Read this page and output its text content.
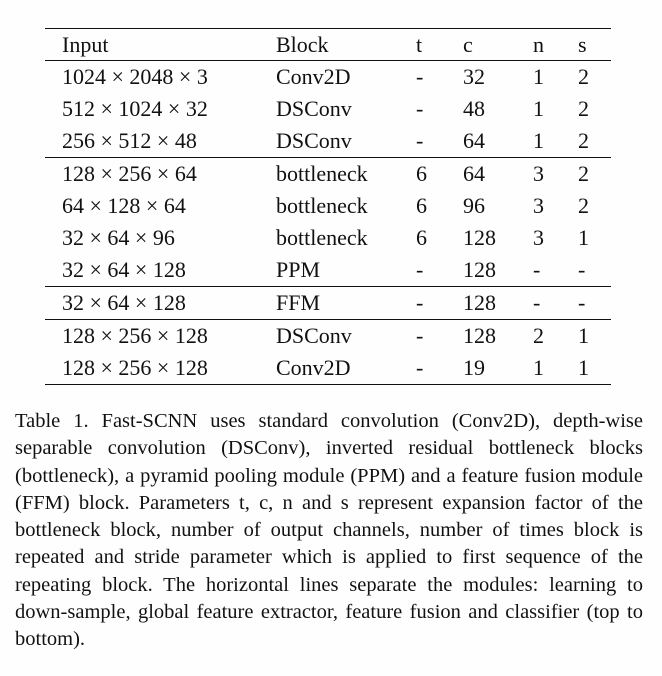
Input	Block	t	c	n	s
1024 × 2048 × 3	Conv2D	-	32	1	2
512 × 1024 × 32	DSConv	-	48	1	2
256 × 512 × 48	DSConv	-	64	1	2
128 × 256 × 64	bottleneck	6	64	3	2
64 × 128 × 64	bottleneck	6	96	3	2
32 × 64 × 96	bottleneck	6	128	3	1
32 × 64 × 128	PPM	-	128	-	-
32 × 64 × 128	FFM	-	128	-	-
128 × 256 × 128	DSConv	-	128	2	1
128 × 256 × 128	Conv2D	-	19	1	1

Table 1. Fast-SCNN uses standard convolution (Conv2D), depth-wise separable convolution (DSConv), inverted residual bottleneck blocks (bottleneck), a pyramid pooling module (PPM) and a feature fusion module (FFM) block. Parameters t, c, n and s represent expansion factor of the bottleneck block, number of output channels, number of times block is repeated and stride parameter which is applied to first sequence of the repeating block. The horizontal lines separate the modules: learning to down-sample, global feature extractor, feature fusion and classifier (top to bottom).
